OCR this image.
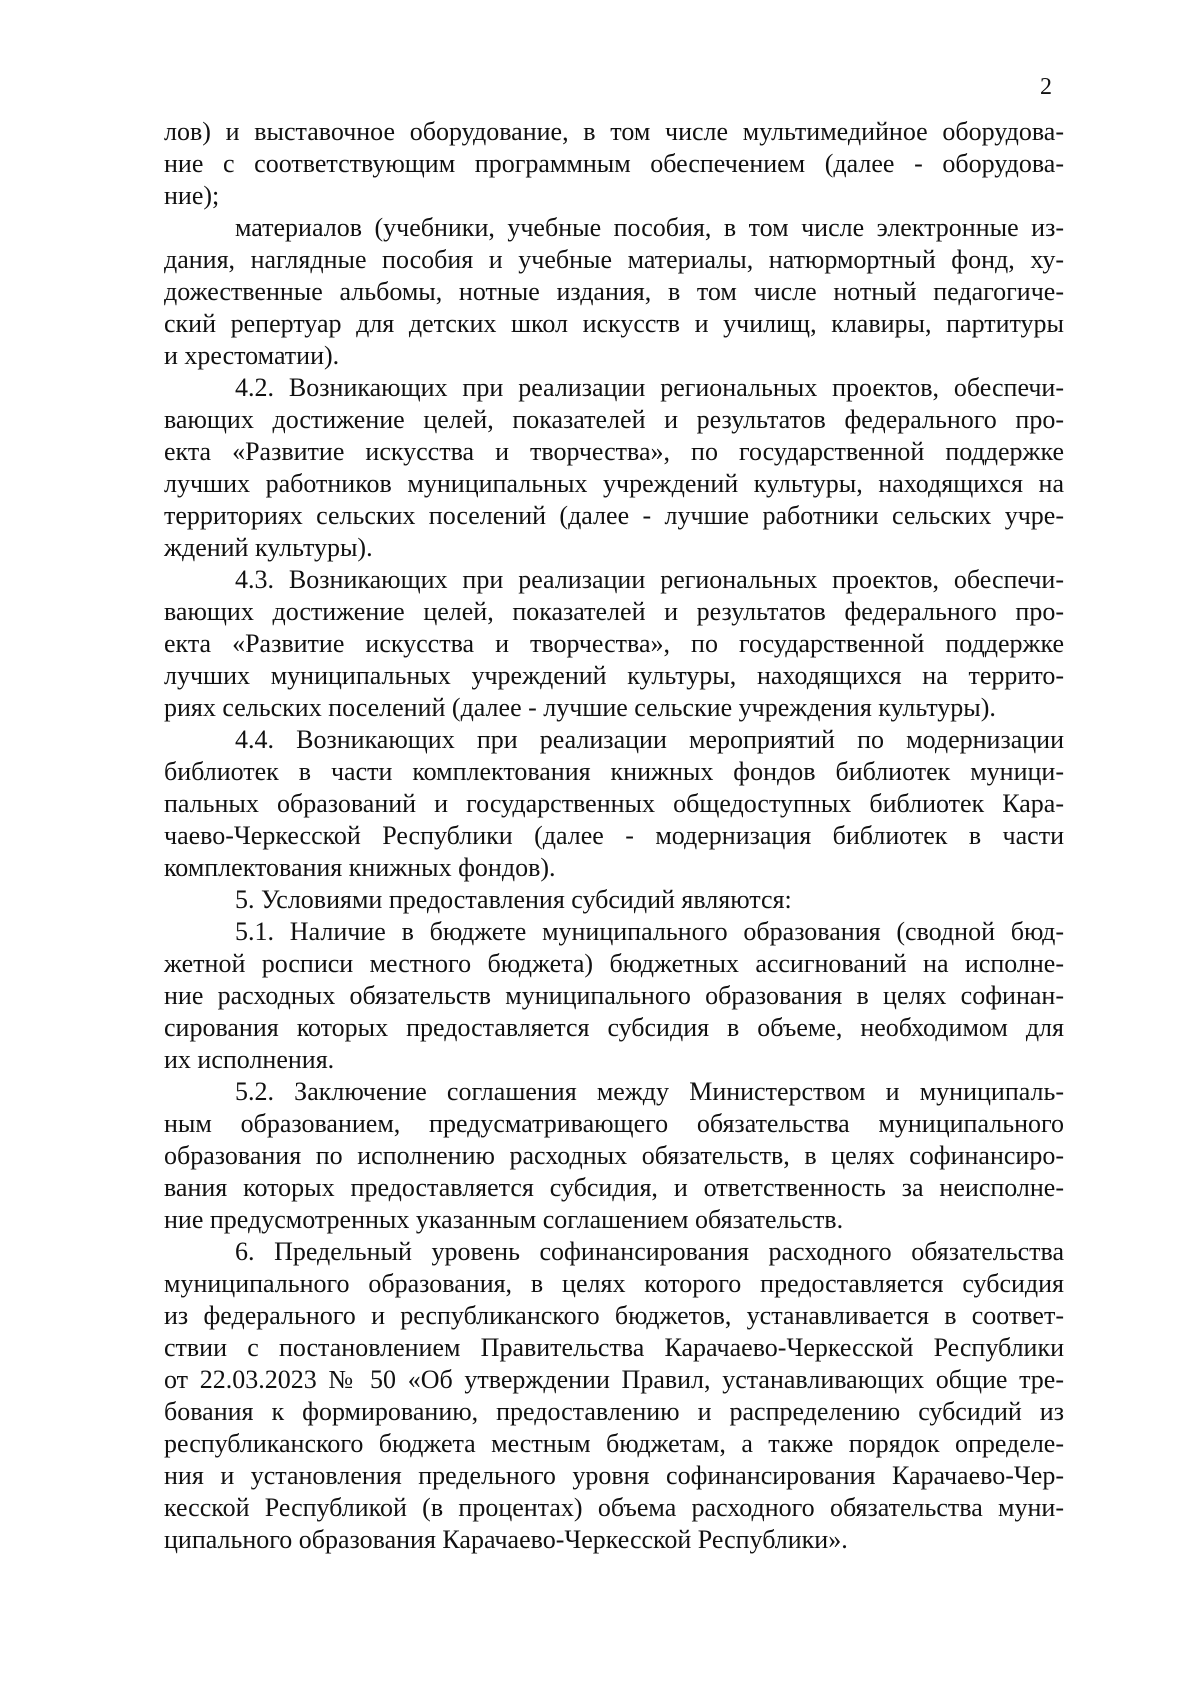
2
лов) и выставочное оборудование, в том числе мультимедийное оборудова-
ние с соответствующим программным обеспечением (далее - оборудова-
ние);
материалов (учебники, учебные пособия, в том числе электронные из-
дания, наглядные пособия и учебные материалы, натюрмортный фонд, ху-
дожественные альбомы, нотные издания, в том числе нотный педагогиче-
ский репертуар для детских школ искусств и училищ, клавиры, партитуры
и хрестоматии).
4.2. Возникающих при реализации региональных проектов, обеспечи-
вающих достижение целей, показателей и результатов федерального про-
екта «Развитие искусства и творчества», по государственной поддержке
лучших работников муниципальных учреждений культуры, находящихся на
территориях сельских поселений (далее - лучшие работники сельских учре-
ждений культуры).
4.3. Возникающих при реализации региональных проектов, обеспечи-
вающих достижение целей, показателей и результатов федерального про-
екта «Развитие искусства и творчества», по государственной поддержке
лучших муниципальных учреждений культуры, находящихся на террито-
риях сельских поселений (далее - лучшие сельские учреждения культуры).
4.4. Возникающих при реализации мероприятий по модернизации
библиотек в части комплектования книжных фондов библиотек муници-
пальных образований и государственных общедоступных библиотек Кара-
чаево-Черкесской Республики (далее - модернизация библиотек в части
комплектования книжных фондов).
5. Условиями предоставления субсидий являются:
5.1. Наличие в бюджете муниципального образования (сводной бюд-
жетной росписи местного бюджета) бюджетных ассигнований на исполне-
ние расходных обязательств муниципального образования в целях софинан-
сирования которых предоставляется субсидия в объеме, необходимом для
их исполнения.
5.2. Заключение соглашения между Министерством и муниципаль-
ным образованием, предусматривающего обязательства муниципального
образования по исполнению расходных обязательств, в целях софинансиро-
вания которых предоставляется субсидия, и ответственность за неисполне-
ние предусмотренных указанным соглашением обязательств.
6. Предельный уровень софинансирования расходного обязательства
муниципального образования, в целях которого предоставляется субсидия
из федерального и республиканского бюджетов, устанавливается в соответ-
ствии с постановлением Правительства Карачаево-Черкесской Республики
от 22.03.2023 № 50 «Об утверждении Правил, устанавливающих общие тре-
бования к формированию, предоставлению и распределению субсидий из
республиканского бюджета местным бюджетам, а также порядок определе-
ния и установления предельного уровня софинансирования Карачаево-Чер-
кесской Республикой (в процентах) объема расходного обязательства муни-
ципального образования Карачаево-Черкесской Республики».
